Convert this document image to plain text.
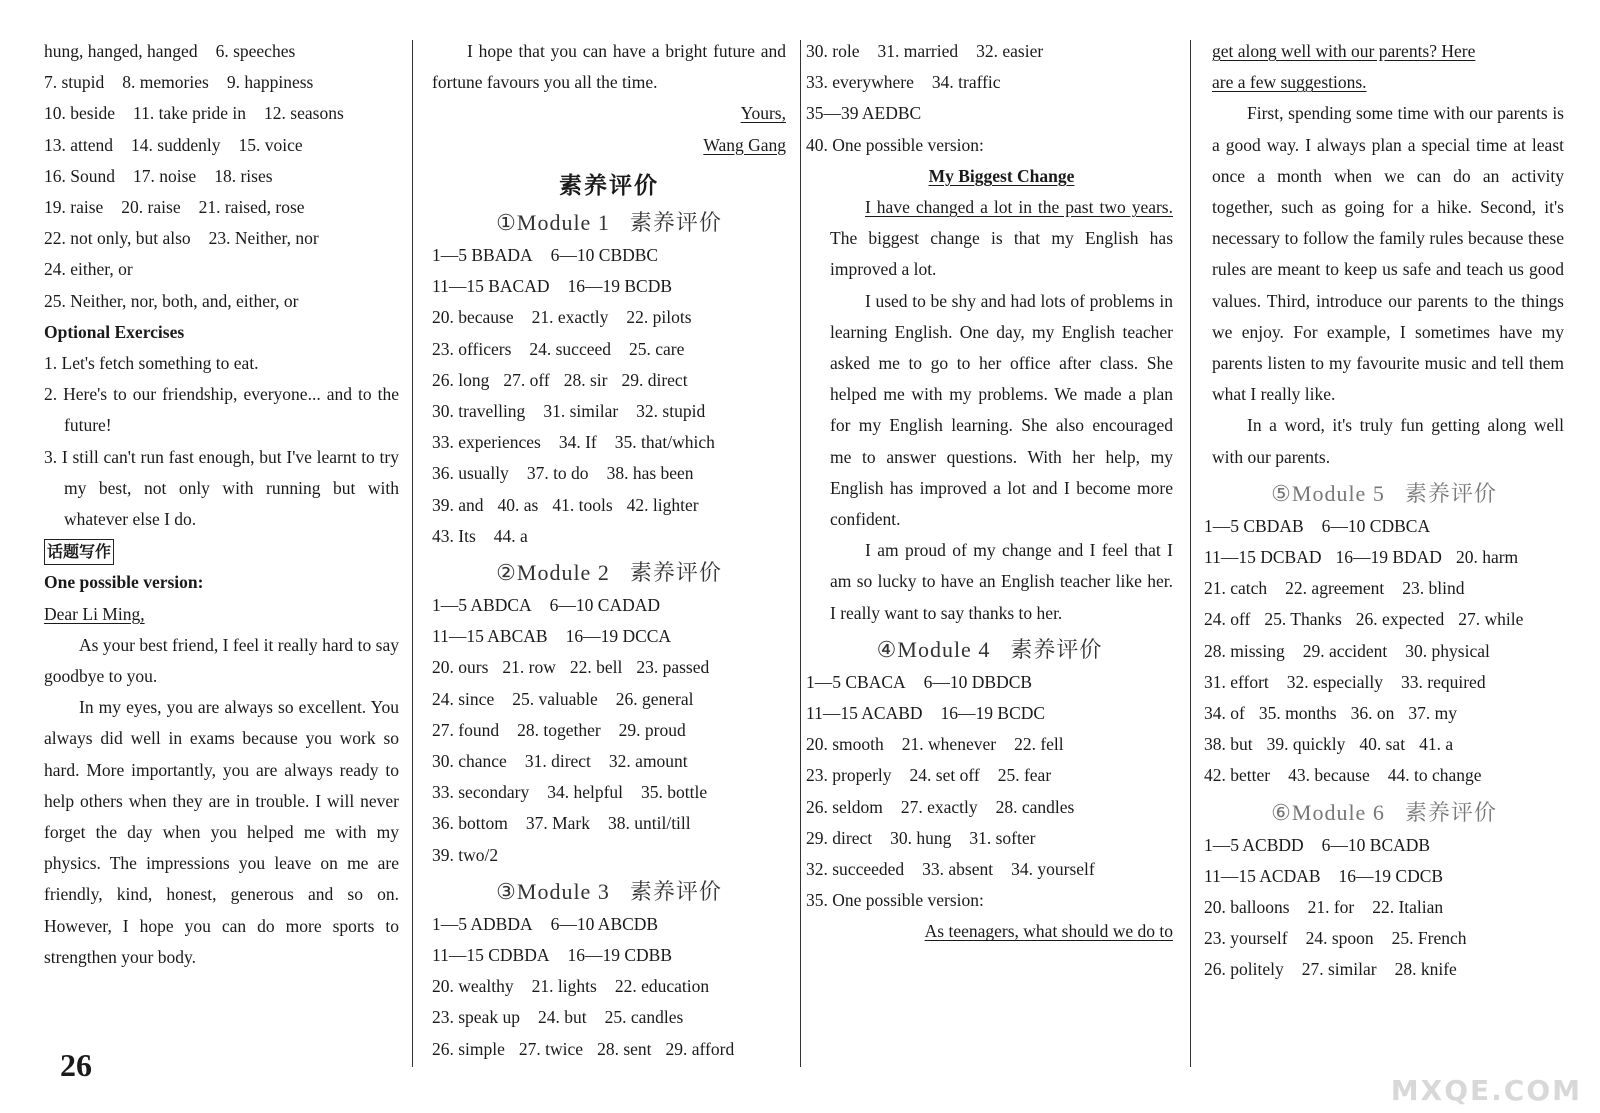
hung, hanged, hanged 6. speeches
7. stupid 8. memories 9. happiness
10. beside 11. take pride in 12. seasons
13. attend 14. suddenly 15. voice
16. Sound 17. noise 18. rises
19. raise 20. raise 21. raised, rose
22. not only, but also 23. Neither, nor
24. either, or
25. Neither, nor, both, and, either, or
Optional Exercises
1. Let's fetch something to eat.
2. Here's to our friendship, everyone... and to the future!
3. I still can't run fast enough, but I've learnt to try my best, not only with running but with whatever else I do.
话题写作
One possible version:
Dear Li Ming,
As your best friend, I feel it really hard to say goodbye to you.
In my eyes, you are always so excellent. You always did well in exams because you work so hard. More importantly, you are always ready to help others when they are in trouble. I will never forget the day when you helped me with my physics. The impressions you leave on me are friendly, kind, honest, generous and so on. However, I hope you can do more sports to strengthen your body.
I hope that you can have a bright future and fortune favours you all the time.
Yours,
Wang Gang
素养评价
①Module 1 素养评价
1—5 BBADA 6—10 CBDBC
11—15 BACAD 16—19 BCDB
20. because 21. exactly 22. pilots
23. officers 24. succeed 25. care
26. long 27. off 28. sir 29. direct
30. travelling 31. similar 32. stupid
33. experiences 34. If 35. that/which
36. usually 37. to do 38. has been
39. and 40. as 41. tools 42. lighter
43. Its 44. a
②Module 2 素养评价
1—5 ABDCA 6—10 CADAD
11—15 ABCAB 16—19 DCCA
20. ours 21. row 22. bell 23. passed
24. since 25. valuable 26. general
27. found 28. together 29. proud
30. chance 31. direct 32. amount
33. secondary 34. helpful 35. bottle
36. bottom 37. Mark 38. until/till
39. two/2
③Module 3 素养评价
1—5 ADBDA 6—10 ABCDB
11—15 CDBDA 16—19 CDBB
20. wealthy 21. lights 22. education
23. speak up 24. but 25. candles
26. simple 27. twice 28. sent 29. afford
30. role 31. married 32. easier
33. everywhere 34. traffic
35—39 AEDBC
40. One possible version:
My Biggest Change
I have changed a lot in the past two years. The biggest change is that my English has improved a lot.
I used to be shy and had lots of problems in learning English. One day, my English teacher asked me to go to her office after class. She helped me with my problems. We made a plan for my English learning. She also encouraged me to answer questions. With her help, my English has improved a lot and I become more confident.
I am proud of my change and I feel that I am so lucky to have an English teacher like her. I really want to say thanks to her.
④Module 4 素养评价
1—5 CBACA 6—10 DBDCB
11—15 ACABD 16—19 BCDC
20. smooth 21. whenever 22. fell
23. properly 24. set off 25. fear
26. seldom 27. exactly 28. candles
29. direct 30. hung 31. softer
32. succeeded 33. absent 34. yourself
35. One possible version:
As teenagers, what should we do to
get along well with our parents? Here
are a few suggestions.
First, spending some time with our parents is a good way. I always plan a special time at least once a month when we can do an activity together, such as going for a hike. Second, it's necessary to follow the family rules because these rules are meant to keep us safe and teach us good values. Third, introduce our parents to the things we enjoy. For example, I sometimes have my parents listen to my favourite music and tell them what I really like.
In a word, it's truly fun getting along well with our parents.
⑤Module 5 素养评价
1—5 CBDAB 6—10 CDBCA
11—15 DCBAD 16—19 BDAD 20. harm
21. catch 22. agreement 23. blind
24. off 25. Thanks 26. expected 27. while
28. missing 29. accident 30. physical
31. effort 32. especially 33. required
34. of 35. months 36. on 37. my
38. but 39. quickly 40. sat 41. a
42. better 43. because 44. to change
⑥Module 6 素养评价
1—5 ACBDD 6—10 BCADB
11—15 ACDAB 16—19 CDCB
20. balloons 21. for 22. Italian
23. yourself 24. spoon 25. French
26. politely 27. similar 28. knife
26
MXQE.COM
